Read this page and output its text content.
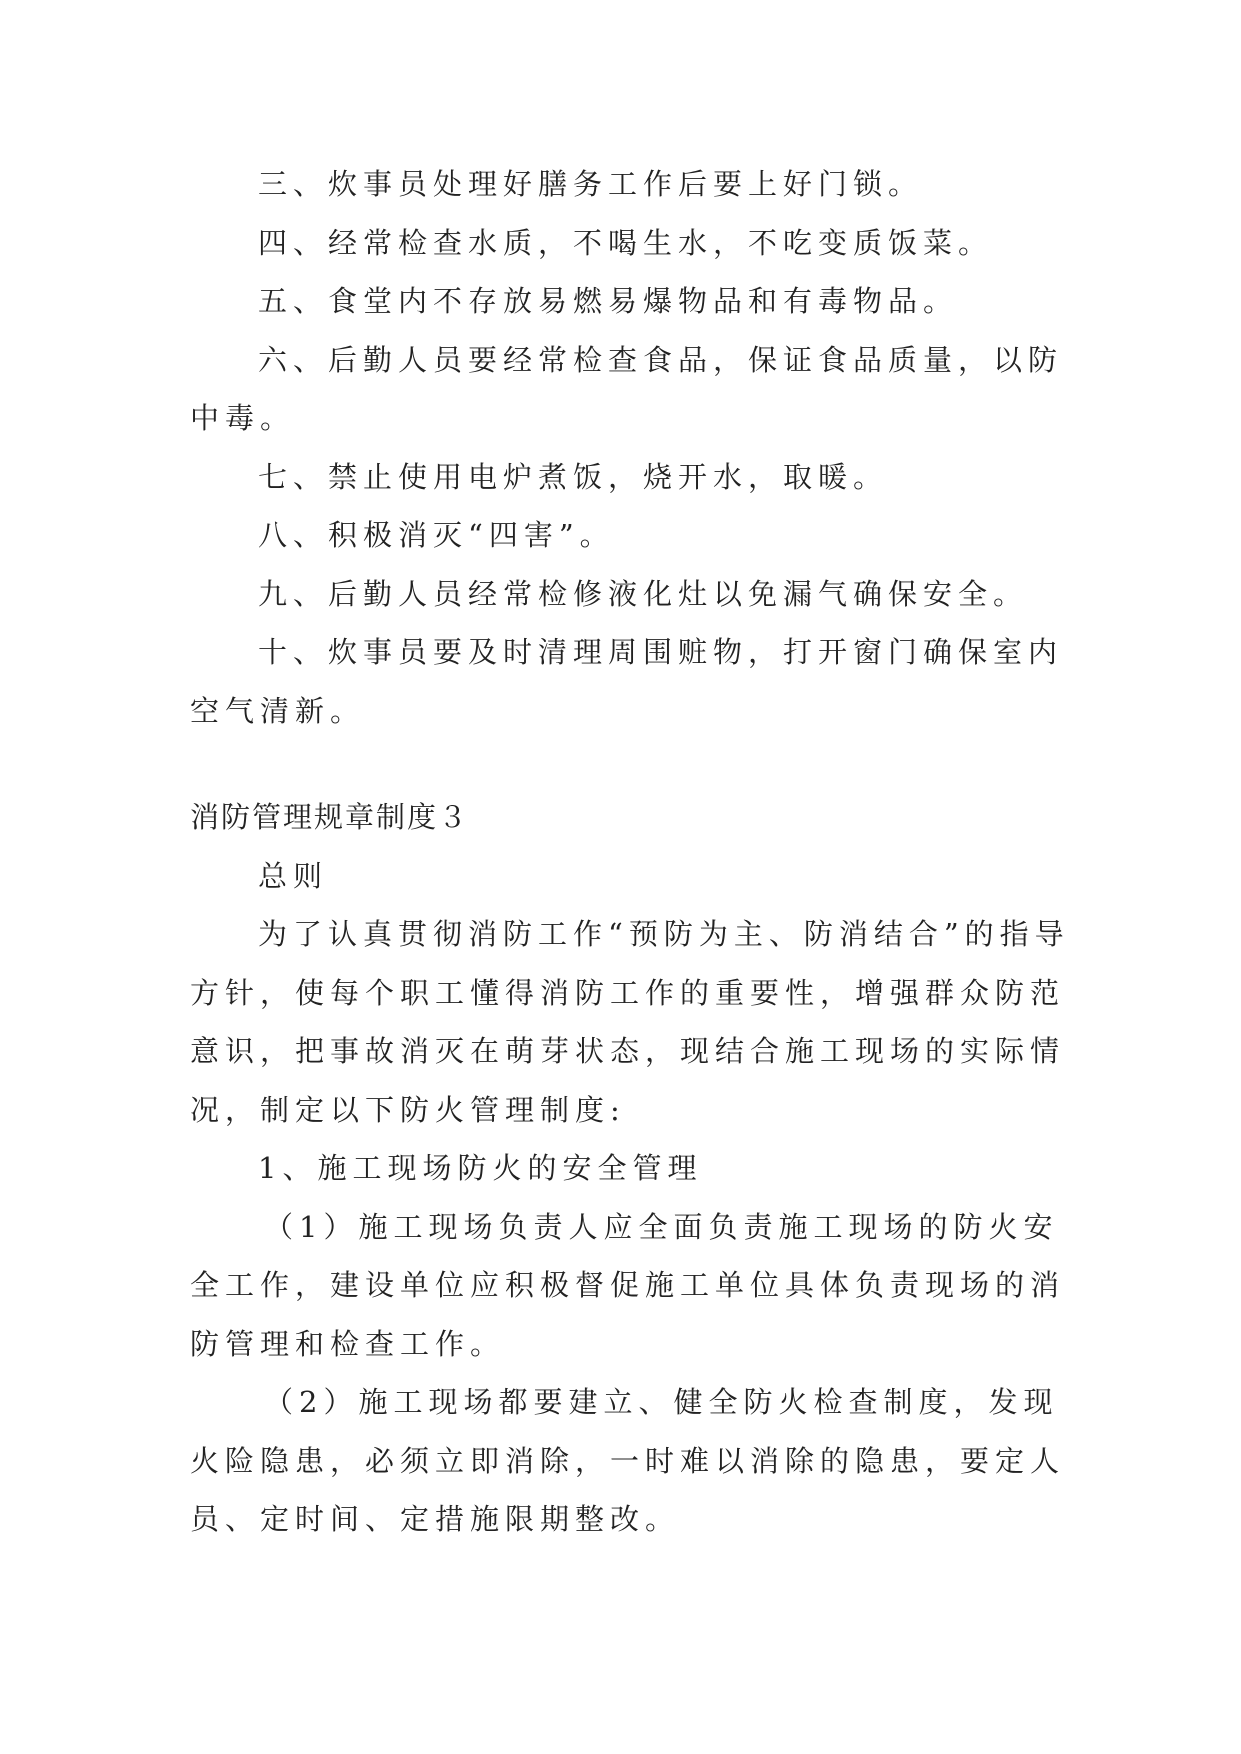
三、炊事员处理好膳务工作后要上好门锁。

四、经常检查水质，不喝生水，不吃变质饭菜。

五、食堂内不存放易燃易爆物品和有毒物品。

六、后勤人员要经常检查食品，保证食品质量，以防中毒。

七、禁止使用电炉煮饭，烧开水，取暖。

八、积极消灭“四害”。

九、后勤人员经常检修液化灶以免漏气确保安全。

十、炊事员要及时清理周围赃物，打开窗门确保室内空气清新。

消防管理规章制度３

总则

为了认真贯彻消防工作“预防为主、防消结合”的指导方针，使每个职工懂得消防工作的重要性，增强群众防范意识，把事故消灭在萌芽状态，现结合施工现场的实际情况，制定以下防火管理制度:

1、施工现场防火的安全管理

（1）施工现场负责人应全面负责施工现场的防火安全工作，建设单位应积极督促施工单位具体负责现场的消防管理和检查工作。

（2）施工现场都要建立、健全防火检查制度，发现火险隐患，必须立即消除，一时难以消除的隐患，要定人员、定时间、定措施限期整改。
